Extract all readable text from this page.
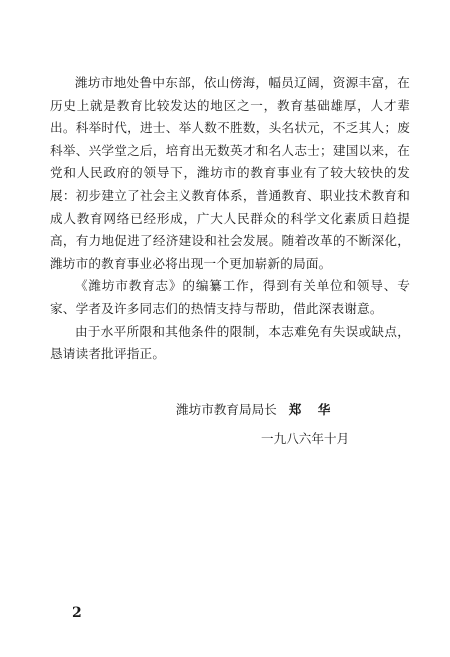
潍坊市地处鲁中东部，依山傍海，幅员辽阔，资源丰富，在历史上就是教育比较发达的地区之一，教育基础雄厚，人才辈出。科举时代，进士、举人数不胜数，头名状元，不乏其人；废科举、兴学堂之后，培育出无数英才和名人志士；建国以来，在党和人民政府的领导下，潍坊市的教育事业有了较大较快的发展：初步建立了社会主义教育体系，普通教育、职业技术教育和成人教育网络已经形成，广大人民群众的科学文化素质日趋提高，有力地促进了经济建设和社会发展。随着改革的不断深化，潍坊市的教育事业必将出现一个更加崭新的局面。

《潍坊市教育志》的编纂工作，得到有关单位和领导、专家、学者及许多同志们的热情支持与帮助，借此深表谢意。

由于水平所限和其他条件的限制，本志难免有失误或缺点，恳请读者批评指正。

潍坊市教育局局长 郑 华
一九八六年十月
2
